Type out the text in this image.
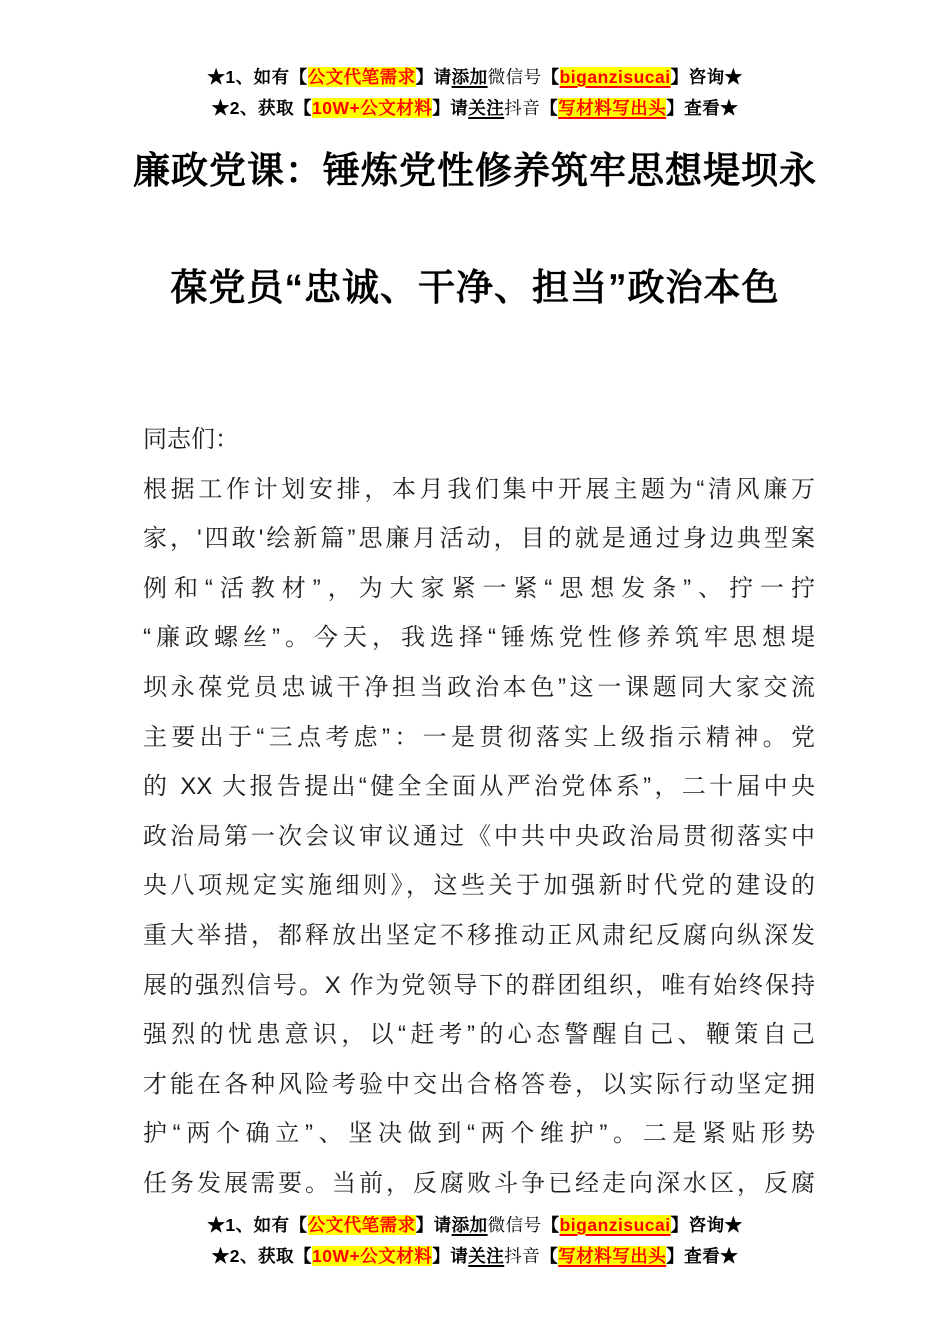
★1、如有【公文代笔需求】请添加微信号【biganzisucai】咨询★
★2、获取【10W+公文材料】请关注抖音【写材料写出头】查看★
廉政党课：锤炼党性修养筑牢思想堤坝永
葆党员“忠诚、干净、担当”政治本色
同志们：
根据工作计划安排，本月我们集中开展主题为“清风廉万
家，'四敢'绘新篇”思廉月活动，目的就是通过身边典型案
例和“活教材”，为大家紧一紧“思想发条”、拧一拧
“廉政螺丝”。今天，我选择“锤炼党性修养筑牢思想堤
坝永葆党员忠诚干净担当政治本色”这一课题同大家交流
主要出于“三点考虑”：一是贯彻落实上级指示精神。党
的 XX 大报告提出“健全全面从严治党体系”，二十届中央
政治局第一次会议审议通过《中共中央政治局贯彻落实中
央八项规定实施细则》，这些关于加强新时代党的建设的
重大举措，都释放出坚定不移推动正风肃纪反腐向纵深发
展的强烈信号。X 作为党领导下的群团组织，唯有始终保持
强烈的忧患意识，以“赶考”的心态警醒自己、鞭策自己
才能在各种风险考验中交出合格答卷，以实际行动坚定拥
护“两个确立”、坚决做到“两个维护”。二是紧贴形势
任务发展需要。当前，反腐败斗争已经走向深水区，反腐
★1、如有【公文代笔需求】请添加微信号【biganzisucai】咨询★
★2、获取【10W+公文材料】请关注抖音【写材料写出头】查看★
